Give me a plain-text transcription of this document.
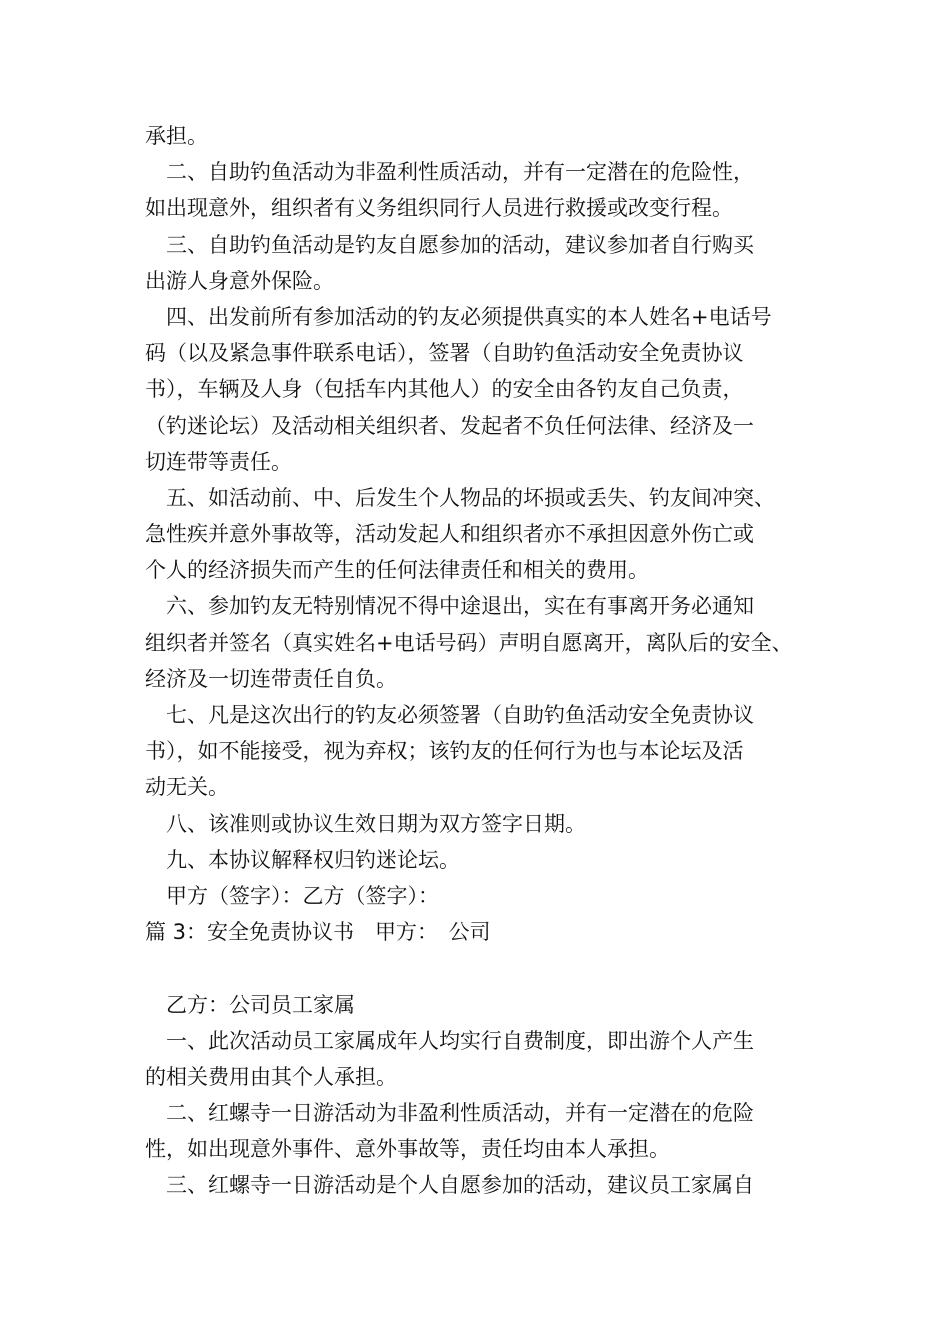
承担。
二、自助钓鱼活动为非盈利性质活动，并有一定潜在的危险性，
如出现意外，组织者有义务组织同行人员进行救援或改变行程。
三、自助钓鱼活动是钓友自愿参加的活动，建议参加者自行购买
出游人身意外保险。
四、出发前所有参加活动的钓友必须提供真实的本人姓名+电话号
码（以及紧急事件联系电话），签署（自助钓鱼活动安全免责协议
书），车辆及人身（包括车内其他人）的安全由各钓友自己负责，
（钓迷论坛）及活动相关组织者、发起者不负任何法律、经济及一
切连带等责任。
五、如活动前、中、后发生个人物品的坏损或丢失、钓友间冲突、
急性疾并意外事故等，活动发起人和组织者亦不承担因意外伤亡或
个人的经济损失而产生的任何法律责任和相关的费用。
六、参加钓友无特别情况不得中途退出，实在有事离开务必通知
组织者并签名（真实姓名+电话号码）声明自愿离开，离队后的安全、
经济及一切连带责任自负。
七、凡是这次出行的钓友必须签署（自助钓鱼活动安全免责协议
书），如不能接受，视为弃权；该钓友的任何行为也与本论坛及活
动无关。
八、该准则或协议生效日期为双方签字日期。
九、本协议解释权归钓迷论坛。
甲方（签字）：乙方（签字）：
篇 3：安全免责协议书　甲方：　公司
乙方：公司员工家属
一、此次活动员工家属成年人均实行自费制度，即出游个人产生
的相关费用由其个人承担。
二、红螺寺一日游活动为非盈利性质活动，并有一定潜在的危险
性，如出现意外事件、意外事故等，责任均由本人承担。
三、红螺寺一日游活动是个人自愿参加的活动，建议员工家属自
